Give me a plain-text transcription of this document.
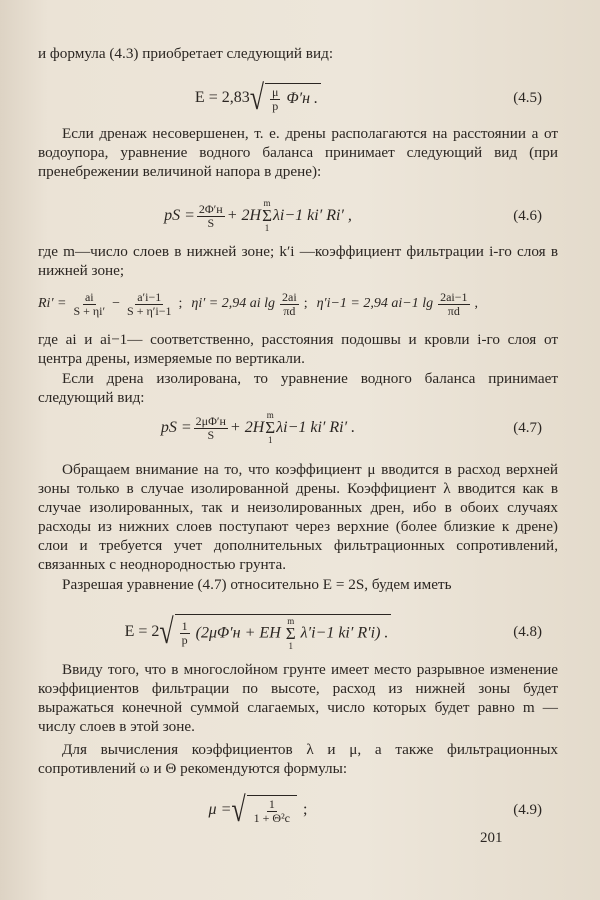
и формула (4.3) приобретает следующий вид:
E = 2,83 √ $\frac{\mu}{p} \Phi'н$ .	(4.5)
Если дренаж несовершенен, т. е. дрены располагаются на расстоянии a от водоупора, уравнение водного баланса принимает следующий вид (при пренебрежении величиной напора в дрене):
pS = $\frac{2\Phi'н}{S} + 2H$
m
Σ
1
λi−1 ki′ Ri′ ,	(4.6)
где m—число слоев в нижней зоне; k′i —коэффициент фильтрации i-го слоя в нижней зоне;
$Ri' = \frac{ai}{S + \eta i'} - \frac{a'i-1}{S + \eta'i-1}$ ; ηi′ = 2,94 ai $\lg \frac{2ai}{\pi d}$ ; η′i−1 = 2,94 ai−1 $\lg \frac{2ai-1}{\pi d}$ ,
где ai и ai−1— соответственно, расстояния подошвы и кровли i-го слоя от центра дрены, измеряемые по вертикали.
Если дрена изолирована, то уравнение водного баланса принимает следующий вид:
pS = $\frac{2\mu\Phi'н}{S} + 2H$
m
Σ
1
λi−1 ki′ Ri′ .	(4.7)
Обращаем внимание на то, что коэффициент μ вводится в расход верхней зоны только в случае изолированной дрены. Коэффициент λ вводится как в случае изолированных, так и неизолированных дрен, ибо в обоих случаях расходы из нижних слоев поступают через верхние (более близкие к дрене) слои и требуется учет дополнительных фильтрационных сопротивлений, связанных с неоднородностью грунта.
Разрешая уравнение (4.7) относительно E = 2S, будем иметь
E = 2 √ $\frac{1}{p} (2\mu\Phi'н$ + EH
m
Σ
1
λ′i−1 ki′ R′i) .	(4.8)
Ввиду того, что в многослойном грунте имеет место разрывное изменение коэффициентов фильтрации по высоте, расход из нижней зоны будет выражаться конечной суммой слагаемых, число которых будет равно m — числу слоев в этой зоне.
Для вычисления коэффициентов λ и μ, а также фильтрационных сопротивлений ω и Θ рекомендуются формулы:
μ = √ $\frac{1}{\text{1 + Θ²c}}$ ;	(4.9)
201
